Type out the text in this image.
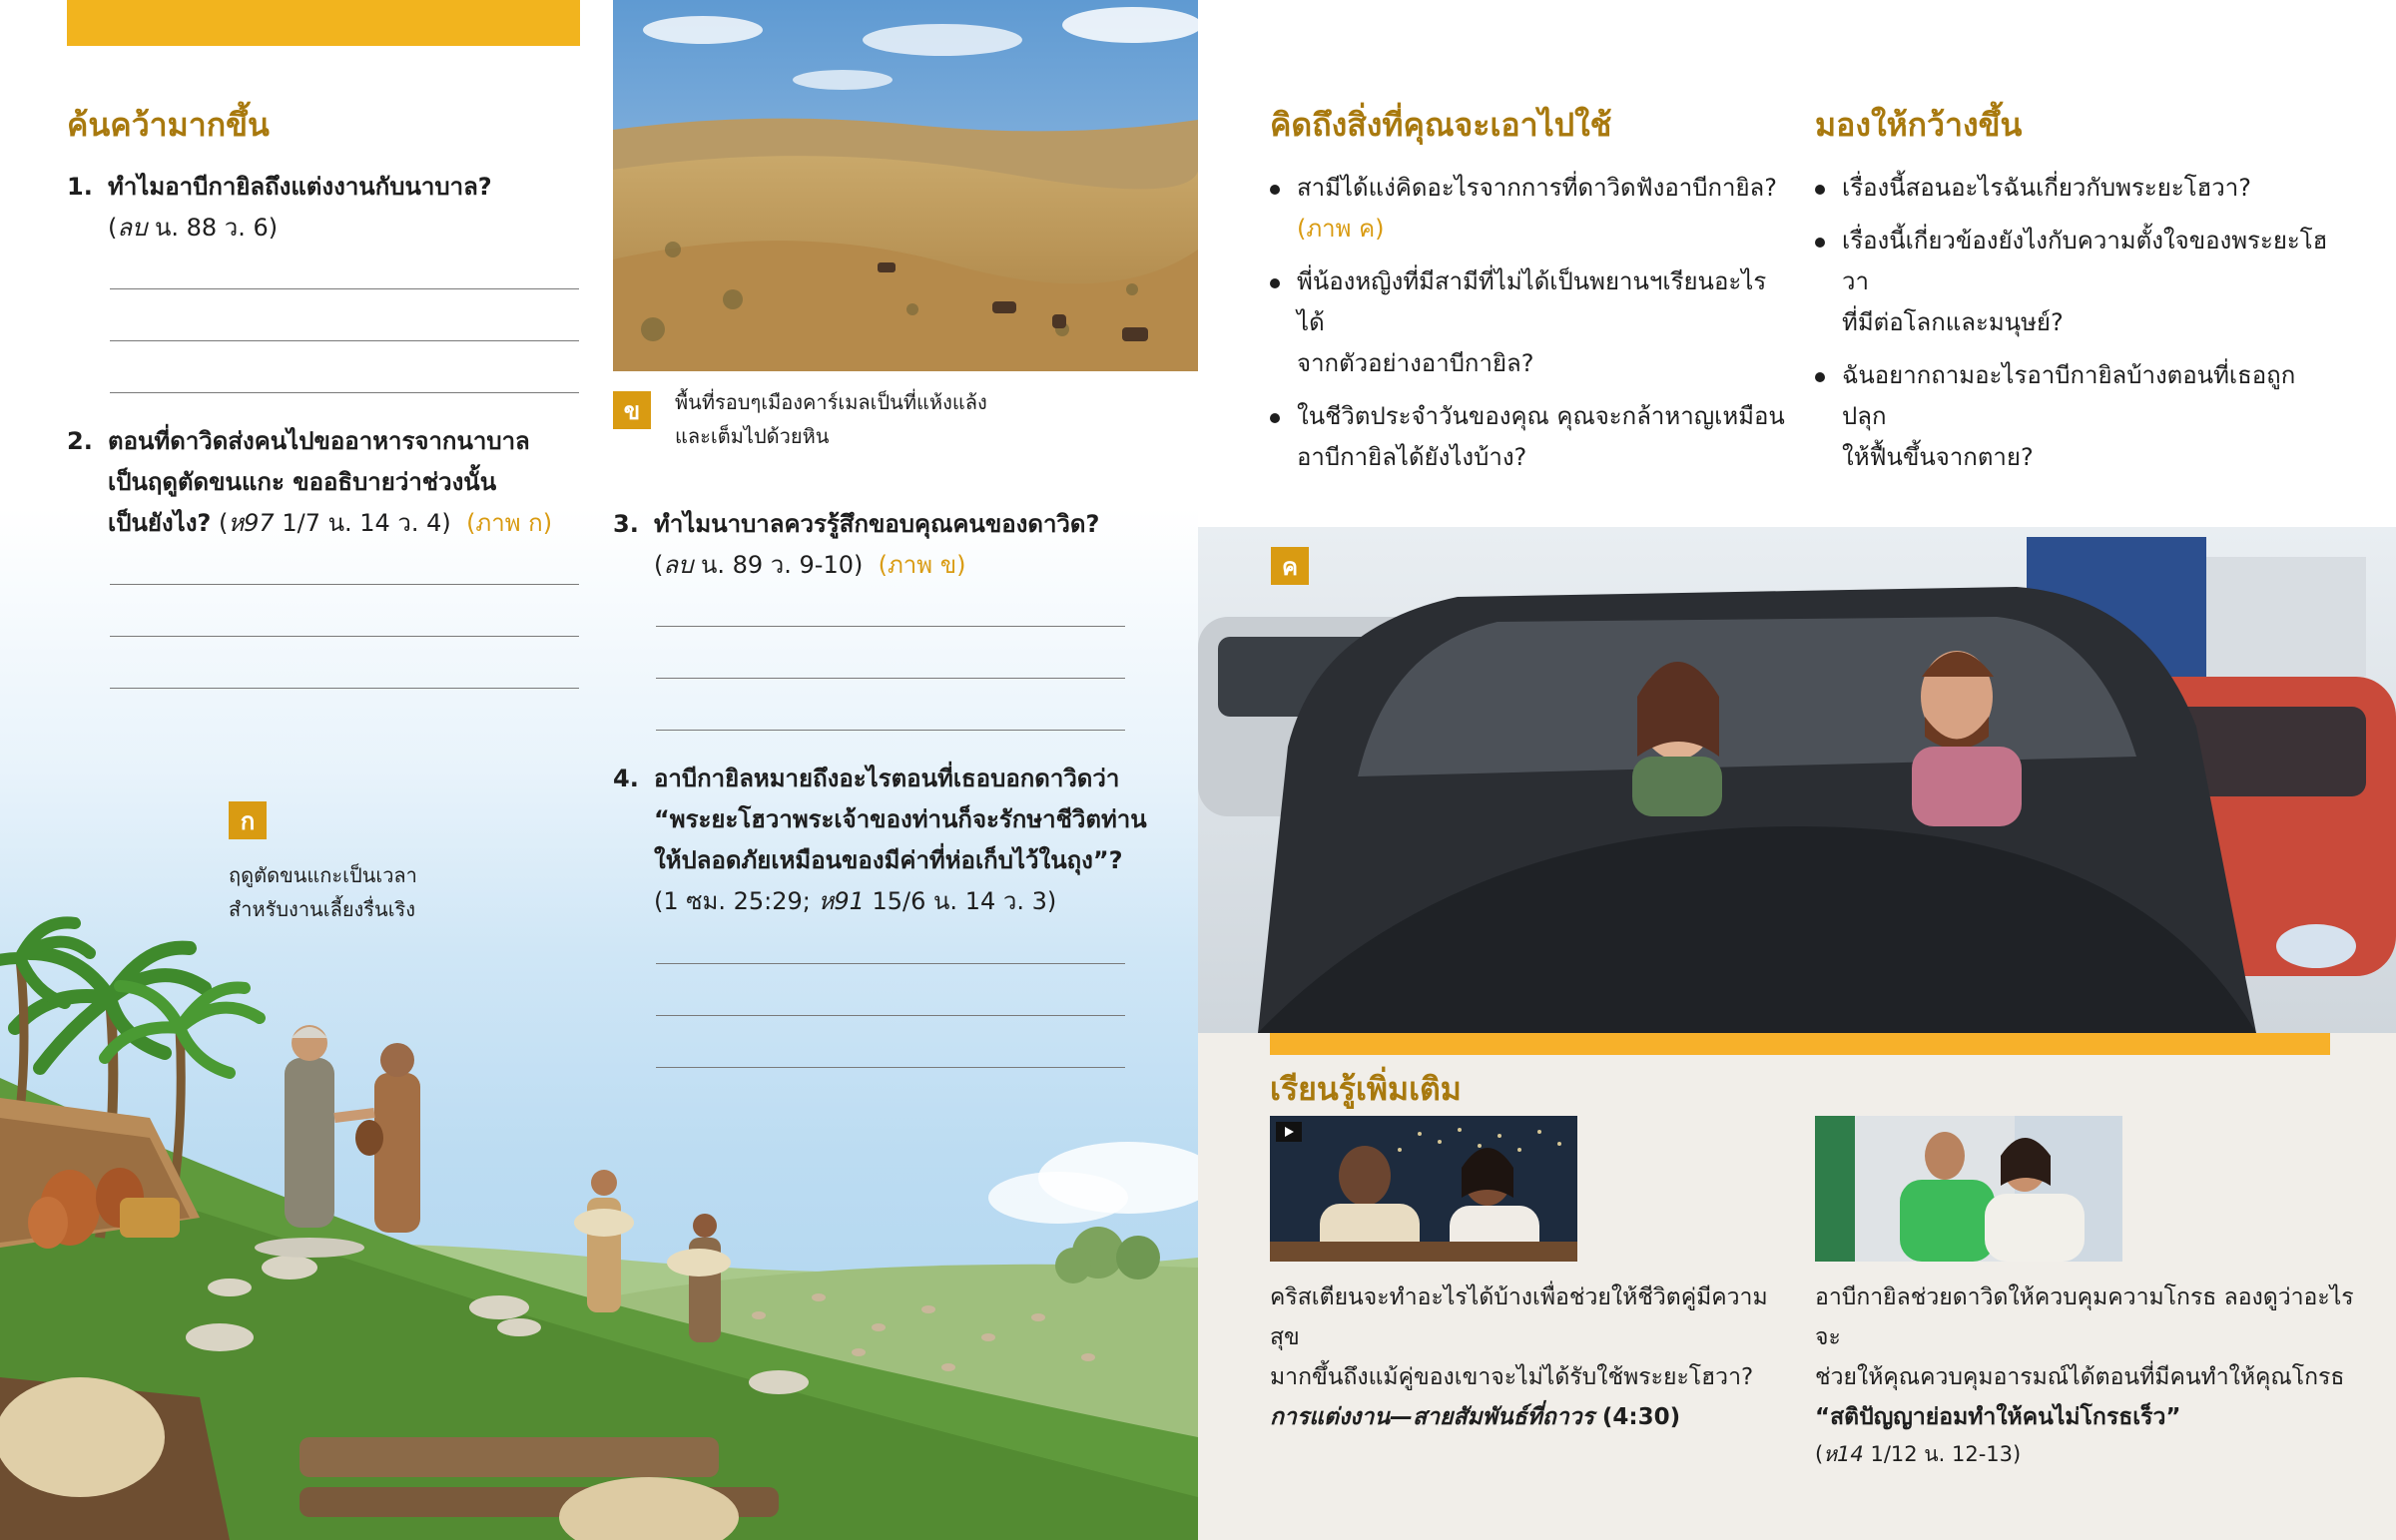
ค้นคว้ามากขึ้น
1. ทำไมอาบีกายิลถึงแต่งงานกับนาบาล?
(ลบ น. 88 ว. 6)
2. ตอนที่ดาวิดส่งคนไปขออาหารจากนาบาล
เป็นฤดูตัดขนแกะ ขออธิบายว่าช่วงนั้น
เป็นยังไง? (ห97 1/7 น. 14 ว. 4) (ภาพ ก)
ก
ฤดูตัดขนแกะเป็นเวลา
สำหรับงานเลี้ยงรื่นเริง
ข	พื้นที่รอบๆเมืองคาร์เมลเป็นที่แห้งแล้ง
และเต็มไปด้วยหิน
3. ทำไมนาบาลควรรู้สึกขอบคุณคนของดาวิด?
(ลบ น. 89 ว. 9-10) (ภาพ ข)
4. อาบีกายิลหมายถึงอะไรตอนที่เธอบอกดาวิดว่า
“พระยะโฮวาพระเจ้าของท่านก็จะรักษาชีวิตท่าน
ให้ปลอดภัยเหมือนของมีค่าที่ห่อเก็บไว้ในถุง”?
(1 ซม. 25:29; ห91 15/6 น. 14 ว. 3)
คิดถึงสิ่งที่คุณจะเอาไปใช้
สามีได้แง่คิดอะไรจากการที่ดาวิดฟังอาบีกายิล?
(ภาพ ค)
พี่น้องหญิงที่มีสามีที่ไม่ได้เป็นพยานฯเรียนอะไรได้
จากตัวอย่างอาบีกายิล?
ในชีวิตประจำวันของคุณ คุณจะกล้าหาญเหมือน
อาบีกายิลได้ยังไงบ้าง?
มองให้กว้างขึ้น
เรื่องนี้สอนอะไรฉันเกี่ยวกับพระยะโฮวา?
เรื่องนี้เกี่ยวข้องยังไงกับความตั้งใจของพระยะโฮวา
ที่มีต่อโลกและมนุษย์?
ฉันอยากถามอะไรอาบีกายิลบ้างตอนที่เธอถูกปลุก
ให้ฟื้นขึ้นจากตาย?
ค
เรียนรู้เพิ่มเติม
คริสเตียนจะทำอะไรได้บ้างเพื่อช่วยให้ชีวิตคู่มีความสุข
มากขึ้นถึงแม้คู่ของเขาจะไม่ได้รับใช้พระยะโฮวา?
การแต่งงาน—สายสัมพันธ์ที่ถาวร (4:30)
อาบีกายิลช่วยดาวิดให้ควบคุมความโกรธ ลองดูว่าอะไรจะ
ช่วยให้คุณควบคุมอารมณ์ได้ตอนที่มีคนทำให้คุณโกรธ
“สติปัญญาย่อมทำให้คนไม่โกรธเร็ว”
(ห14 1/12 น. 12-13)
